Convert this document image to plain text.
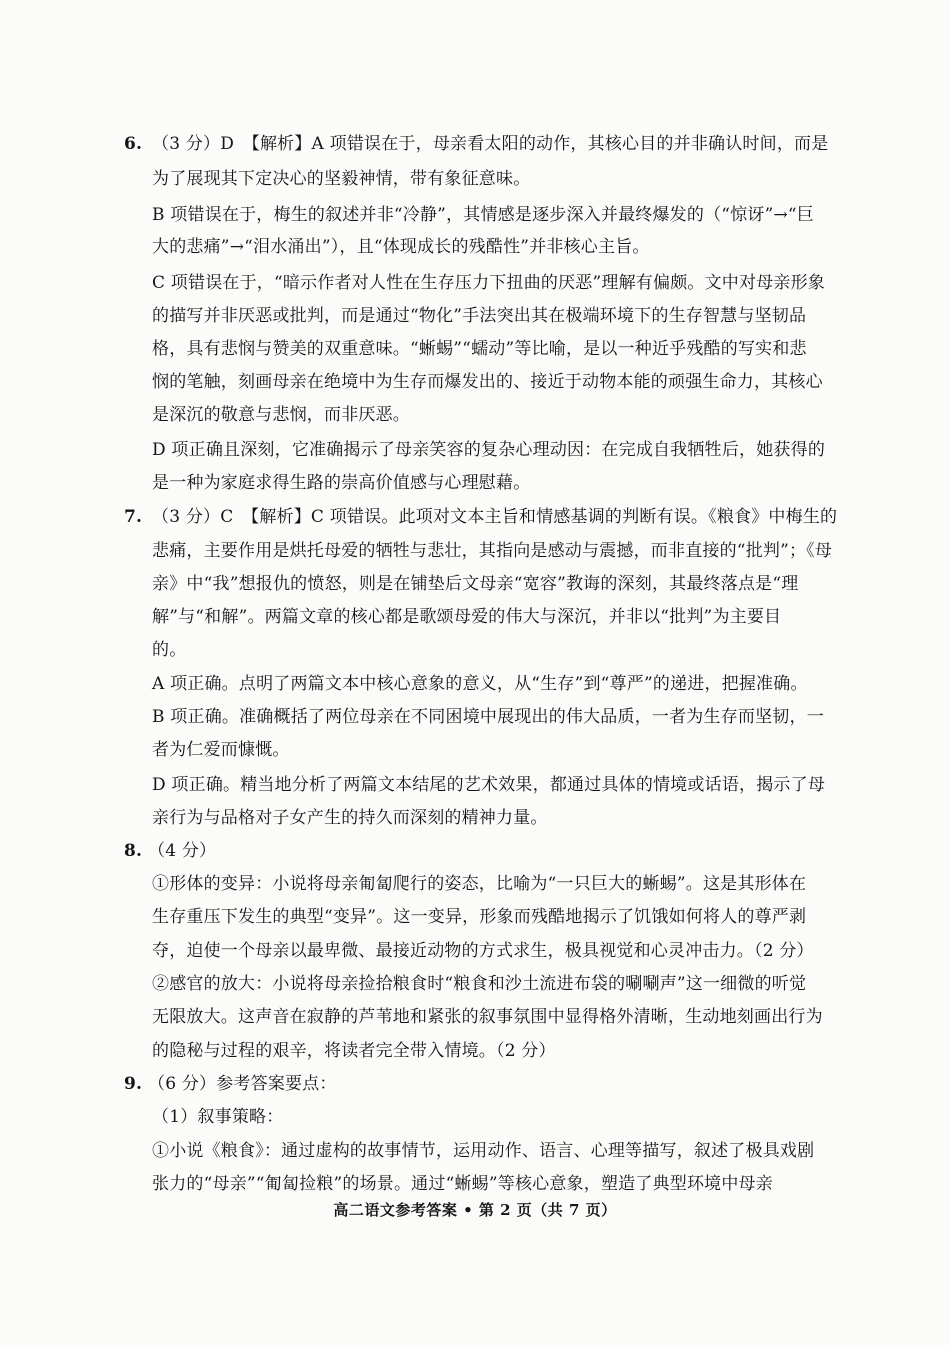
6. （3 分）D　【解析】A 项错误在于，母亲看太阳的动作，其核心目的并非确认时间，而是
为了展现其下定决心的坚毅神情，带有象征意味。
B 项错误在于，梅生的叙述并非“冷静”，其情感是逐步深入并最终爆发的（“惊讶”→“巨
大的悲痛”→“泪水涌出”），且“体现成长的残酷性”并非核心主旨。
C 项错误在于，“暗示作者对人性在生存压力下扭曲的厌恶”理解有偏颇。文中对母亲形象
的描写并非厌恶或批判，而是通过“物化”手法突出其在极端环境下的生存智慧与坚韧品
格，具有悲悯与赞美的双重意味。“蜥蜴”“蠕动”等比喻，是以一种近乎残酷的写实和悲
悯的笔触，刻画母亲在绝境中为生存而爆发出的、接近于动物本能的顽强生命力，其核心
是深沉的敬意与悲悯，而非厌恶。
D 项正确且深刻，它准确揭示了母亲笑容的复杂心理动因：在完成自我牺牲后，她获得的
是一种为家庭求得生路的崇高价值感与心理慰藉。
7. （3 分）C　【解析】C 项错误。此项对文本主旨和情感基调的判断有误。《粮食》中梅生的
悲痛，主要作用是烘托母爱的牺牲与悲壮，其指向是感动与震撼，而非直接的“批判”；《母
亲》中“我”想报仇的愤怒，则是在铺垫后文母亲“宽容”教诲的深刻，其最终落点是“理
解”与“和解”。两篇文章的核心都是歌颂母爱的伟大与深沉，并非以“批判”为主要目
的。
A 项正确。点明了两篇文本中核心意象的意义，从“生存”到“尊严”的递进，把握准确。
B 项正确。准确概括了两位母亲在不同困境中展现出的伟大品质，一者为生存而坚韧，一
者为仁爱而慷慨。
D 项正确。精当地分析了两篇文本结尾的艺术效果，都通过具体的情境或话语，揭示了母
亲行为与品格对子女产生的持久而深刻的精神力量。
8. （4 分）
①形体的变异：小说将母亲匍匐爬行的姿态，比喻为“一只巨大的蜥蜴”。这是其形体在
生存重压下发生的典型“变异”。这一变异，形象而残酷地揭示了饥饿如何将人的尊严剥
夺，迫使一个母亲以最卑微、最接近动物的方式求生，极具视觉和心灵冲击力。（2 分）
②感官的放大：小说将母亲捡拾粮食时“粮食和沙土流进布袋的唰唰声”这一细微的听觉
无限放大。这声音在寂静的芦苇地和紧张的叙事氛围中显得格外清晰，生动地刻画出行为
的隐秘与过程的艰辛，将读者完全带入情境。（2 分）
9. （6 分）参考答案要点：
（1）叙事策略：
①小说《粮食》：通过虚构的故事情节，运用动作、语言、心理等描写，叙述了极具戏剧
张力的“母亲”“匍匐捡粮”的场景。通过“蜥蜴”等核心意象，塑造了典型环境中母亲
高二语文参考答案 • 第 2 页（共 7 页）
